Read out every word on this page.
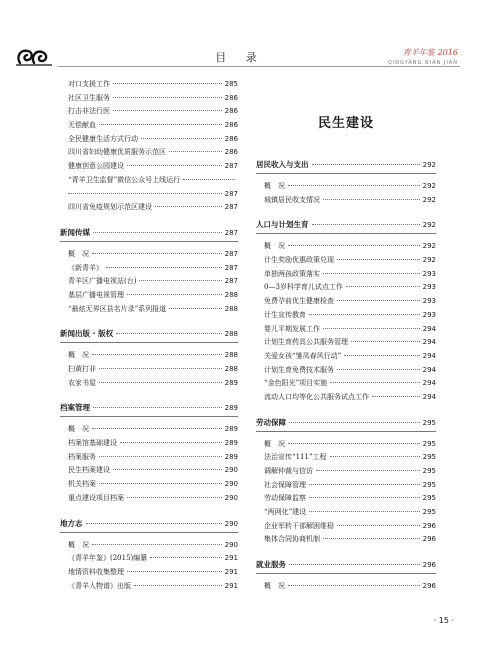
目 录	青羊年鉴 2016
QINGYANG NIAN JIAN
对口支援工作	285
社区卫生服务	286
打击非法行医	286
无偿献血	286
全民健康生活方式行动	286
四川省妇幼健康优质服务示范区	286
健康创意公园建设	287
“青羊卫生监督”微信公众号上线运行
287
四川省免疫规划示范区建设	287
新闻传媒	287
概　况	287
《新青羊》	287
青羊区广播电视站(台)	287
基层广播电视管理	288
“最炫无界区县名片录”系列报道	288
新闻出版 · 版权	288
概　况	288
扫黄打非	288
农家书屋	289
档案管理	289
概　况	289
档案馆基础建设	289
档案服务	289
民生档案建设	290
机关档案	290
重点建设项目档案	290
地方志	290
概　况	290
《青羊年鉴》(2015)编纂	291
地情资料收集整理	291
《青羊人物谱》出版	291
民生建设
居民收入与支出	292
概　况	292
城镇居民收支情况	292
人口与计划生育	292
概　况	292
计生奖励优惠政策兑现	292
单独两孩政策落实	293
0—3岁科学育儿试点工作	293
免费孕前优生健康检查	293
计生宣传教育	293
婴儿平期发展工作	294
计划生育药具公共服务管理	294
关爱女孩“雏凤春风行动”	294
计划生育免费技术服务	294
“金色阳光”项目实施	294
流动人口均等化公共服务试点工作	294
劳动保障	295
概　况	295
法治宣传“111”工程	295
调解仲裁与信访	295
社会保障管理	295
劳动保障监察	295
“两网化”建设	295
企业军转干部解困维稳	296
集体合同协商机制	296
就业服务	296
概　况	296
· 15 ·
